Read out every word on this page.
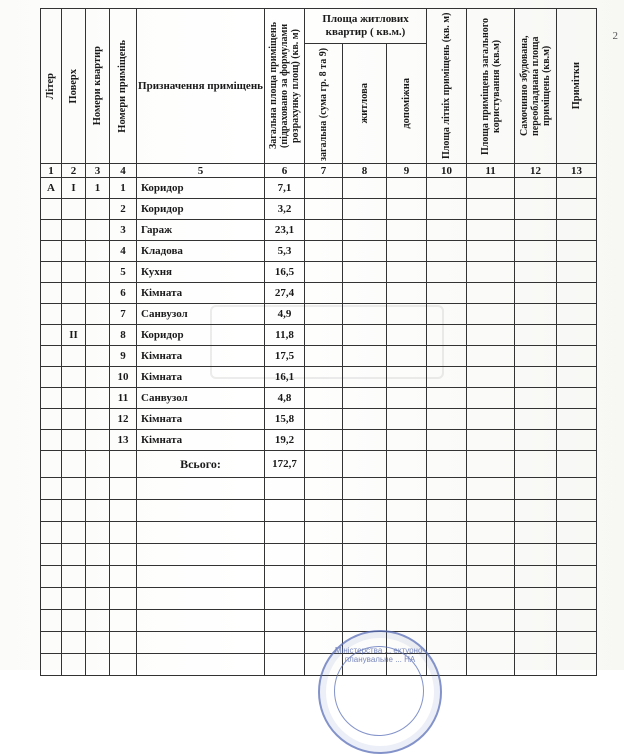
2
Літер	Поверх	Номери квартир	Номери приміщень	Призначення приміщень	Загальна площа приміщень (підраховано за формулами розрахунку площ) (кв. м)	Площа житлових квартир ( кв.м.)			Площа літніх приміщень (кв. м)	Площа приміщень загального користування (кв.м)	Самочинно збудована, переобладнана площа приміщень (кв.м)	Примітки

						загальна (сума гр. 8 та 9)	житлова	допоміжна				

1	2	3	4	5	6	7	8	9	10	11	12	13
А	I	1	1	Коридор	7,1							
			2	Коридор	3,2							
			3	Гараж	23,1							
			4	Кладова	5,3							
			5	Кухня	16,5							
			6	Кімната	27,4							
			7	Санвузол	4,9							
	II		8	Коридор	11,8							
			9	Кімната	17,5							
			10	Кімната	16,1							
			11	Санвузол	4,8							
			12	Кімната	15,8							
			13	Кімната	19,2							
				Всього:	172,7							

Міністерства ... ектурно-планувальне ... НА
